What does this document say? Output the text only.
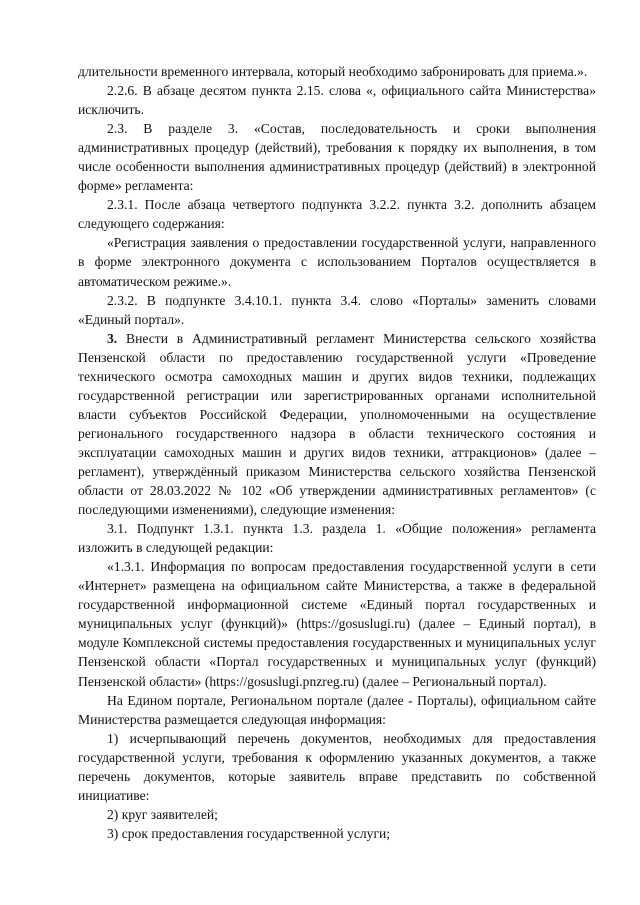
длительности временного интервала, который необходимо забронировать для приема.».

2.2.6. В абзаце десятом пункта 2.15. слова «, официального сайта Министерства» исключить.

2.3. В разделе 3. «Состав, последовательность и сроки выполнения административных процедур (действий), требования к порядку их выполнения, в том числе особенности выполнения административных процедур (действий) в электронной форме» регламента:

2.3.1. После абзаца четвертого подпункта 3.2.2. пункта 3.2. дополнить абзацем следующего содержания:

«Регистрация заявления о предоставлении государственной услуги, направленного в форме электронного документа с использованием Порталов осуществляется в автоматическом режиме.».

2.3.2. В подпункте 3.4.10.1. пункта 3.4. слово «Порталы» заменить словами «Единый портал».

3. Внести в Административный регламент Министерства сельского хозяйства Пензенской области по предоставлению государственной услуги «Проведение технического осмотра самоходных машин и других видов техники, подлежащих государственной регистрации или зарегистрированных органами исполнительной власти субъектов Российской Федерации, уполномоченными на осуществление регионального государственного надзора в области технического состояния и эксплуатации самоходных машин и других видов техники, аттракционов» (далее – регламент), утверждённый приказом Министерства сельского хозяйства Пензенской области от 28.03.2022 № 102 «Об утверждении административных регламентов» (с последующими изменениями), следующие изменения:

3.1. Подпункт 1.3.1. пункта 1.3. раздела 1. «Общие положения» регламента изложить в следующей редакции:

«1.3.1. Информация по вопросам предоставления государственной услуги в сети «Интернет» размещена на официальном сайте Министерства, а также в федеральной государственной информационной системе «Единый портал государственных и муниципальных услуг (функций)» (https://gosuslugi.ru) (далее – Единый портал), в модуле Комплексной системы предоставления государственных и муниципальных услуг Пензенской области «Портал государственных и муниципальных услуг (функций) Пензенской области» (https://gosuslugi.pnzreg.ru) (далее – Региональный портал).

На Едином портале, Региональном портале (далее - Порталы), официальном сайте Министерства размещается следующая информация:

1) исчерпывающий перечень документов, необходимых для предоставления государственной услуги, требования к оформлению указанных документов, а также перечень документов, которые заявитель вправе представить по собственной инициативе:

2) круг заявителей;

3) срок предоставления государственной услуги;
